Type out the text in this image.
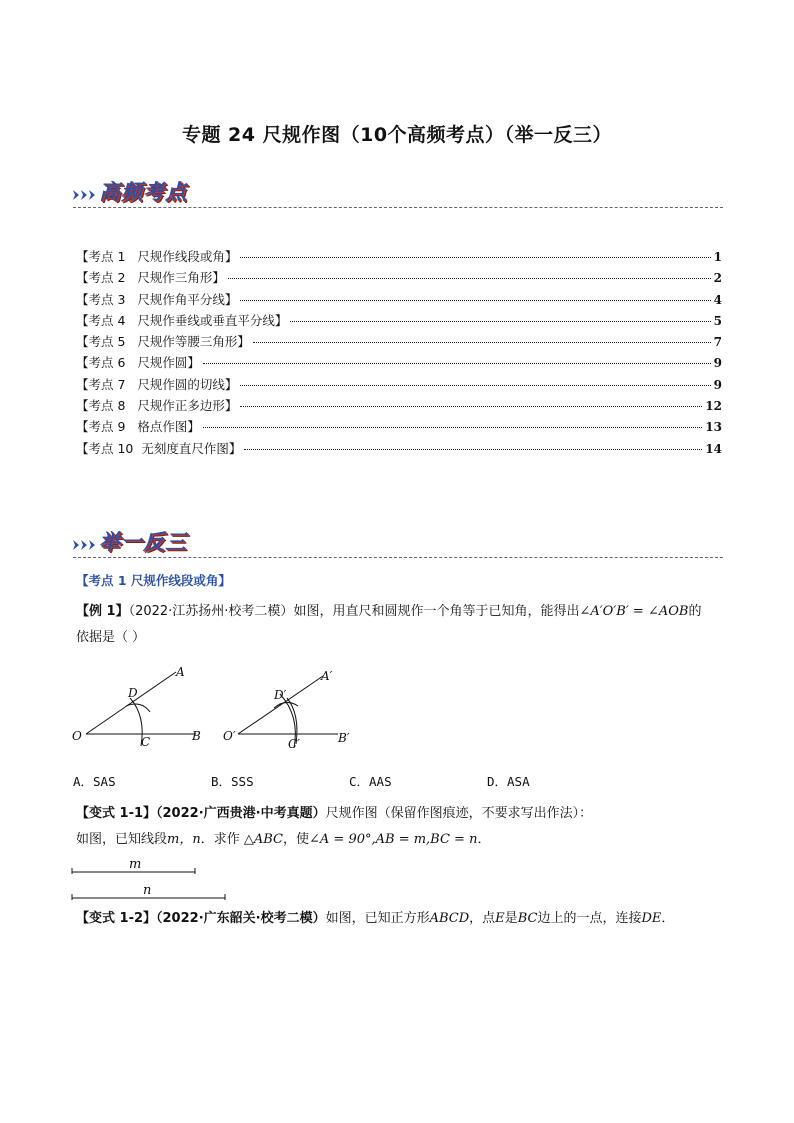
专题 24 尺规作图（10个高频考点）（举一反三）
高频考点
【考点 1   尺规作线段或角】	1
【考点 2   尺规作三角形】	2
【考点 3   尺规作角平分线】	4
【考点 4   尺规作垂线或垂直平分线】	5
【考点 5   尺规作等腰三角形】	7
【考点 6   尺规作圆】	9
【考点 7   尺规作圆的切线】	9
【考点 8   尺规作正多边形】	12
【考点 9   格点作图】	13
【考点 10  无刻度直尺作图】	14
举一反三
【考点 1 尺规作线段或角】
【例 1】（2022·江苏扬州·校考二模）如图，用直尺和圆规作一个角等于已知角，能得出∠A′O′B′ = ∠AOB的
依据是（ ）
O
A
B
C
D
O′
A′
B′
C′
D′
A．SAS	B．SSS	C．AAS	D．ASA
【变式 1-1】（2022·广西贵港·中考真题）尺规作图（保留作图痕迹，不要求写出作法）：
如图，已知线段m，n．求作 △ABC，使∠A = 90°,AB = m,BC = n．
m
n
【变式 1-2】（2022·广东韶关·校考二模）如图，已知正方形ABCD，点E是BC边上的一点，连接DE．
